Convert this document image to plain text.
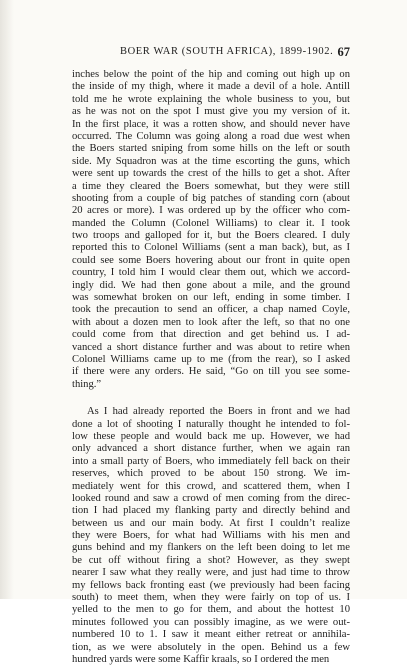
BOER WAR (SOUTH AFRICA), 1899-1902. 67
inches below the point of the hip and coming out high up on
the inside of my thigh, where it made a devil of a hole. Antill
told me he wrote explaining the whole business to you, but
as he was not on the spot I must give you my version of it.
In the first place, it was a rotten show, and should never have
occurred. The Column was going along a road due west when
the Boers started sniping from some hills on the left or south
side. My Squadron was at the time escorting the guns, which
were sent up towards the crest of the hills to get a shot. After
a time they cleared the Boers somewhat, but they were still
shooting from a couple of big patches of standing corn (about
20 acres or more). I was ordered up by the officer who com-
manded the Column (Colonel Williams) to clear it. I took
two troops and galloped for it, but the Boers cleared. I duly
reported this to Colonel Williams (sent a man back), but, as I
could see some Boers hovering about our front in quite open
country, I told him I would clear them out, which we accord-
ingly did. We had then gone about a mile, and the ground
was somewhat broken on our left, ending in some timber. I
took the precaution to send an officer, a chap named Coyle,
with about a dozen men to look after the left, so that no one
could come from that direction and get behind us. I ad-
vanced a short distance further and was about to retire when
Colonel Williams came up to me (from the rear), so I asked
if there were any orders. He said, “Go on till you see some-
thing.”
As I had already reported the Boers in front and we had
done a lot of shooting I naturally thought he intended to fol-
low these people and would back me up. However, we had
only advanced a short distance further, when we again ran
into a small party of Boers, who immediately fell back on their
reserves, which proved to be about 150 strong. We im-
mediately went for this crowd, and scattered them, when I
looked round and saw a crowd of men coming from the direc-
tion I had placed my flanking party and directly behind and
between us and our main body. At first I couldn’t realize
they were Boers, for what had Williams with his men and
guns behind and my flankers on the left been doing to let me
be cut off without firing a shot? However, as they swept
nearer I saw what they really were, and just had time to throw
my fellows back fronting east (we previously had been facing
south) to meet them, when they were fairly on top of us. I
yelled to the men to go for them, and about the hottest 10
minutes followed you can possibly imagine, as we were out-
numbered 10 to 1. I saw it meant either retreat or annihila-
tion, as we were absolutely in the open. Behind us a few
hundred yards were some Kaffir kraals, so I ordered the men
